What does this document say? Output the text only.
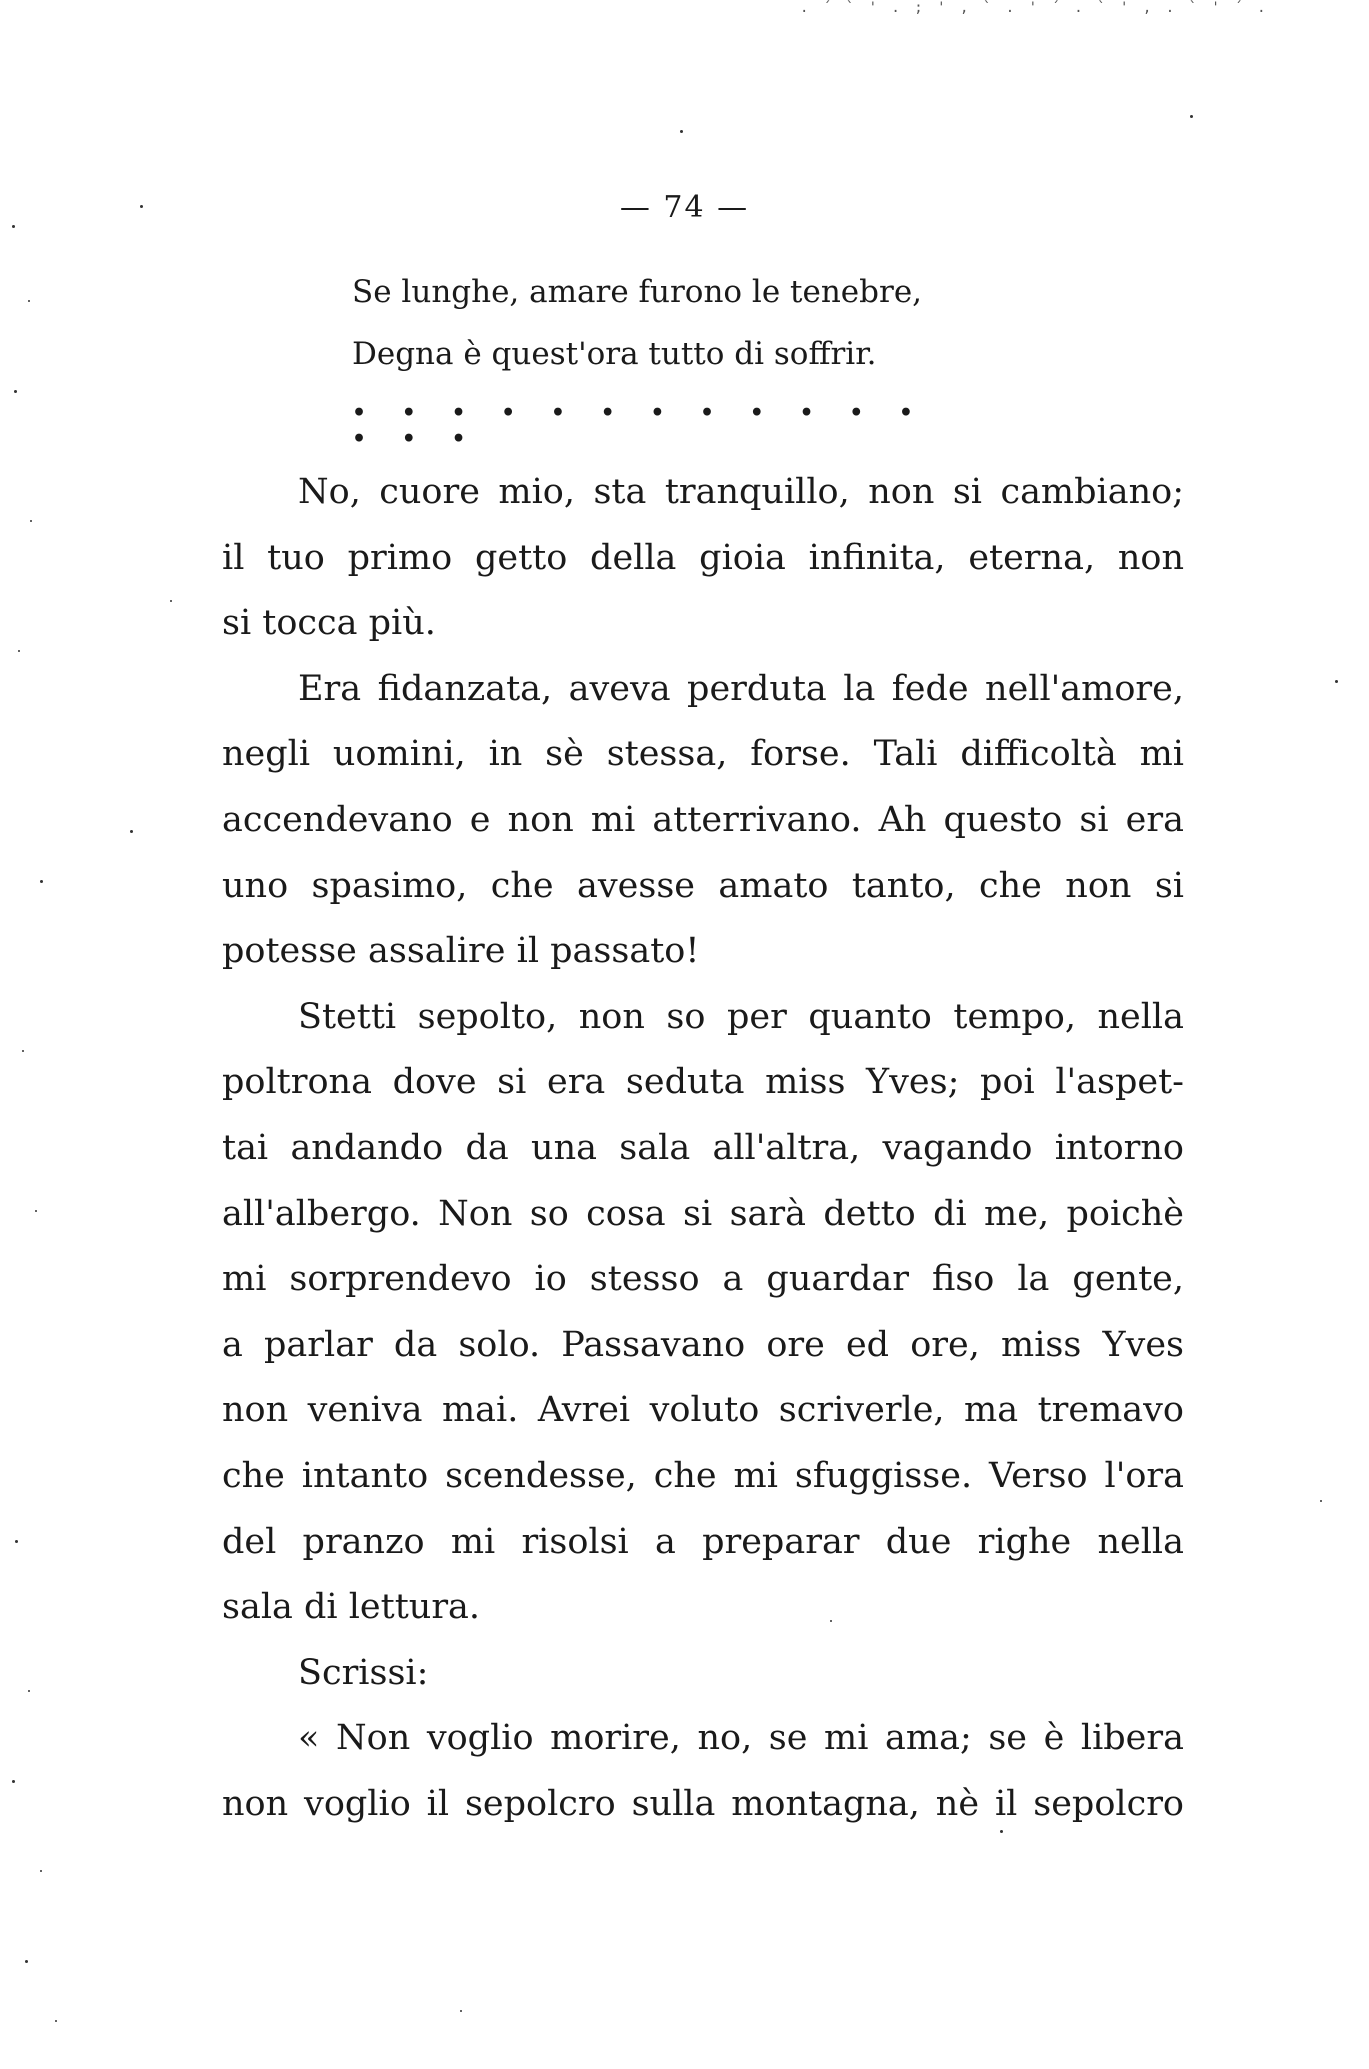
. ´ ` ' . ; ' , ` . ' ´ . ` ' , . ` ' ´ .
— 74 —
Se lunghe, amare furono le tenebre,
Degna è quest'ora tutto di soffrir.
• • • • • • • • • • • • • • •
No, cuore mio, sta tranquillo, non si cambiano;
il tuo primo getto della gioia infinita, eterna, non
si tocca più.
Era fidanzata, aveva perduta la fede nell'amore,
negli uomini, in sè stessa, forse. Tali difficoltà mi
accendevano e non mi atterrivano. Ah questo si era
uno spasimo, che avesse amato tanto, che non si
potesse assalire il passato!
Stetti sepolto, non so per quanto tempo, nella
poltrona dove si era seduta miss Yves; poi l'aspet-
tai andando da una sala all'altra, vagando intorno
all'albergo. Non so cosa si sarà detto di me, poichè
mi sorprendevo io stesso a guardar fiso la gente,
a parlar da solo. Passavano ore ed ore, miss Yves
non veniva mai. Avrei voluto scriverle, ma tremavo
che intanto scendesse, che mi sfuggisse. Verso l'ora
del pranzo mi risolsi a preparar due righe nella
sala di lettura.
Scrissi:
« Non voglio morire, no, se mi ama; se è libera
non voglio il sepolcro sulla montagna, nè il sepolcro
